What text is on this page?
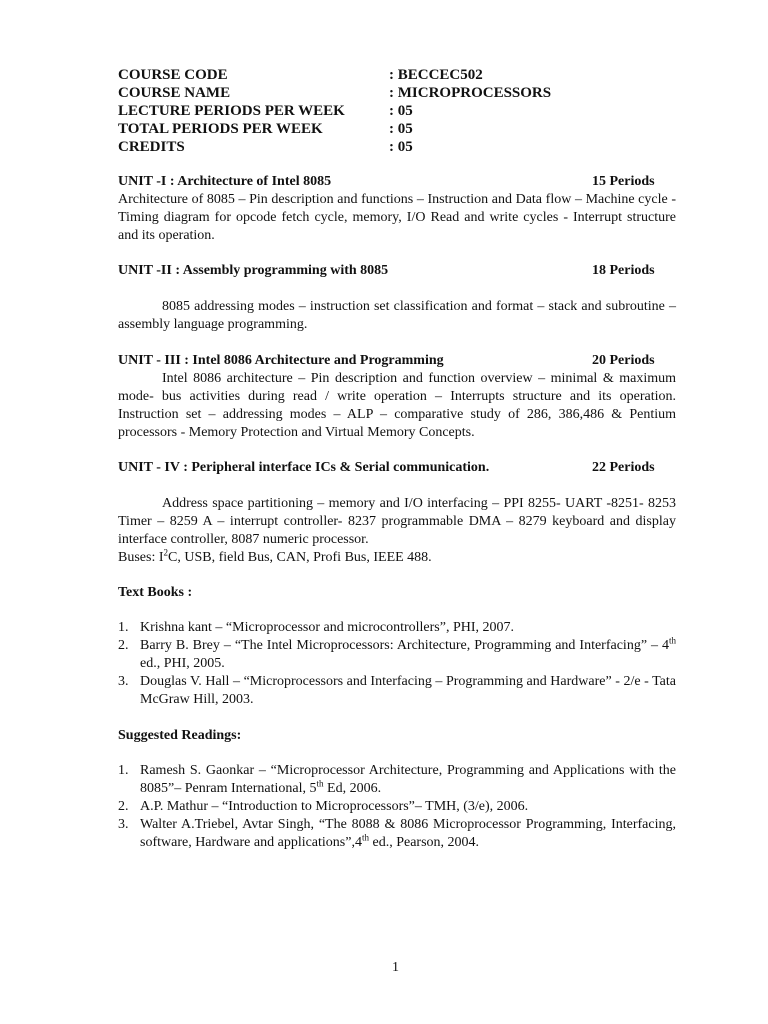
COURSE CODE	: BECCEC502
COURSE NAME	: MICROPROCESSORS
LECTURE PERIODS PER WEEK	: 05
TOTAL PERIODS PER WEEK	: 05
CREDITS	: 05
UNIT -I : Architecture of Intel 8085	15 Periods
Architecture of 8085 – Pin description and functions – Instruction and Data flow – Machine cycle -Timing diagram for opcode fetch cycle, memory, I/O Read and write cycles - Interrupt structure and its operation.
UNIT -II : Assembly programming with 8085	18 Periods
8085 addressing modes – instruction set classification and format – stack and subroutine – assembly language programming.
UNIT - III : Intel 8086 Architecture and Programming	20 Periods
Intel 8086 architecture – Pin description and function overview – minimal & maximum mode- bus activities during read / write operation – Interrupts structure and its operation. Instruction set – addressing modes – ALP – comparative study of 286, 386,486 & Pentium processors - Memory Protection and Virtual Memory Concepts.
UNIT - IV : Peripheral interface ICs & Serial communication.	22 Periods
Address space partitioning – memory and I/O interfacing – PPI 8255- UART -8251- 8253 Timer – 8259 A – interrupt controller- 8237 programmable DMA – 8279 keyboard and display interface controller, 8087 numeric processor.
Buses: $I^2C$, USB, field Bus, CAN, Profi Bus, IEEE 488.
Text Books :
1. Krishna kant – “Microprocessor and microcontrollers”, PHI, 2007.
2. Barry B. Brey – “The Intel Microprocessors: Architecture, Programming and Interfacing” – 4th ed., PHI, 2005.
3. Douglas V. Hall – “Microprocessors and Interfacing – Programming and Hardware” - 2/e - Tata McGraw Hill, 2003.
Suggested Readings:
1. Ramesh S. Gaonkar – “Microprocessor Architecture, Programming and Applications with the 8085”– Penram International, 5th Ed, 2006.
2. A.P. Mathur – “Introduction to Microprocessors”– TMH, (3/e), 2006.
3. Walter A.Triebel, Avtar Singh, “The 8088 & 8086 Microprocessor Programming, Interfacing, software, Hardware and applications”,4th ed., Pearson, 2004.
1
